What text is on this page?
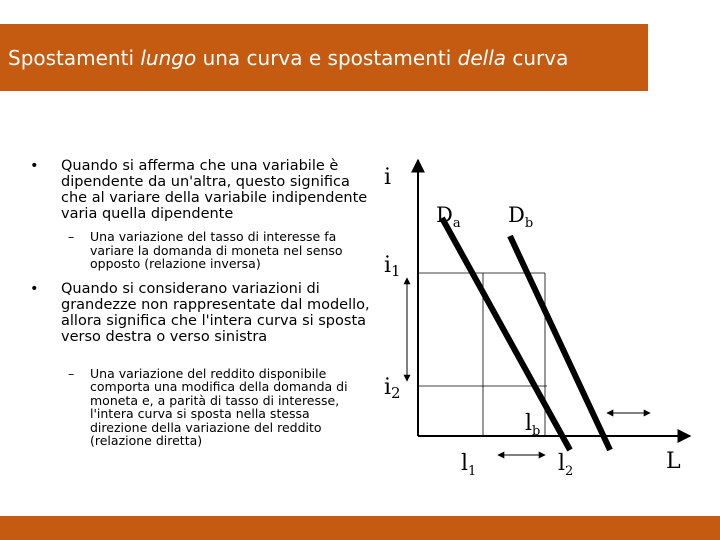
Spostamenti lungo una curva e spostamenti della curva
• Quando si afferma che una variabile è dipendente da un'altra, questo significa che al variare della variabile indipendente varia quella dipendente
– Una variazione del tasso di interesse fa variare la domanda di moneta nel senso opposto (relazione inversa)
• Quando si considerano variazioni di grandezze non rappresentate dal modello, allora significa che l'intera curva si sposta verso destra o verso sinistra
– Una variazione del reddito disponibile comporta una modifica della domanda di moneta e, a parità di tasso di interesse, l'intera curva si sposta nella stessa direzione della variazione del reddito (relazione diretta)
i
$D_a$ $D_b$
i1
i2
$l_b$
$l_1$	$l_2$	L
